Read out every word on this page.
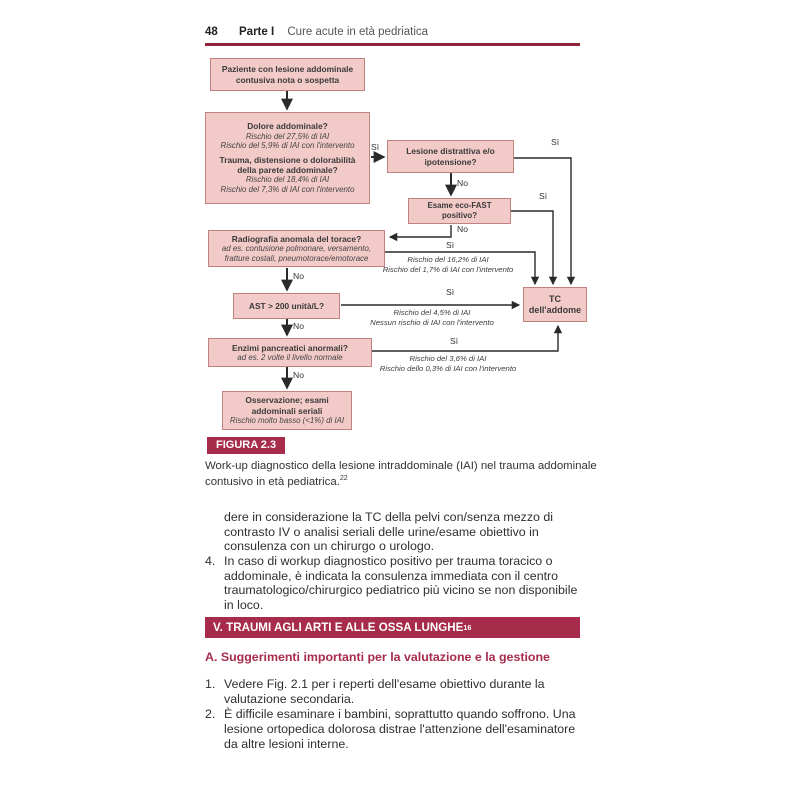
48 Parte I Cure acute in età pedriatica
Paziente con lesione addominale contusiva nota o sospetta
Dolore addominale?
Rischio del 27,5% di IAI
Rischio del 5,9% di IAI con l'intervento
Trauma, distensione o dolorabilità della parete addominale?
Rischio del 18,4% di IAI
Rischio del 7,3% di IAI con l'intervento
Lesione distrattiva e/o ipotensione?
Esame eco-FAST positivo?
Radiografia anomala del torace?
ad es. contusione polmonare, versamento, fratture costali, pneumotorace/emotorace
AST > 200 unità/L?
Enzimi pancreatici anormali?
ad es. 2 volte il livello normale
Osservazione; esami addominali seriali
Rischio molto basso (<1%) di IAI
TC dell'addome
Sì	Sì
No
Sì
No
Sì
No
Sì
No
Sì
No
Rischio del 16,2% di IAI
Rischio del 1,7% di IAI con l'intervento
Rischio del 4,5% di IAI
Nessun rischio di IAI con l'intervento
Rischio del 3,6% di IAI
Rischio dello 0,3% di IAI con l'intervento
FIGURA 2.3
Work-up diagnostico della lesione intraddominale (IAI) nel trauma addominale contusivo in età pediatrica.$^{22}$
dere in considerazione la TC della pelvi con/senza mezzo di contrasto IV o analisi seriali delle urine/esame obiettivo in consulenza con un chirurgo o urologo.
4. In caso di workup diagnostico positivo per trauma toracico o addominale, è indicata la consulenza immediata con il centro traumatologico/chirurgico pediatrico più vicino se non disponibile in loco.
V. TRAUMI AGLI ARTI E ALLE OSSA LUNGHE 16
A. Suggerimenti importanti per la valutazione e la gestione
1. Vedere Fig. 2.1 per i reperti dell'esame obiettivo durante la valutazione secondaria.
2. È difficile esaminare i bambini, soprattutto quando soffrono. Una lesione ortopedica dolorosa distrae l'attenzione dell'esaminatore da altre lesioni interne.
